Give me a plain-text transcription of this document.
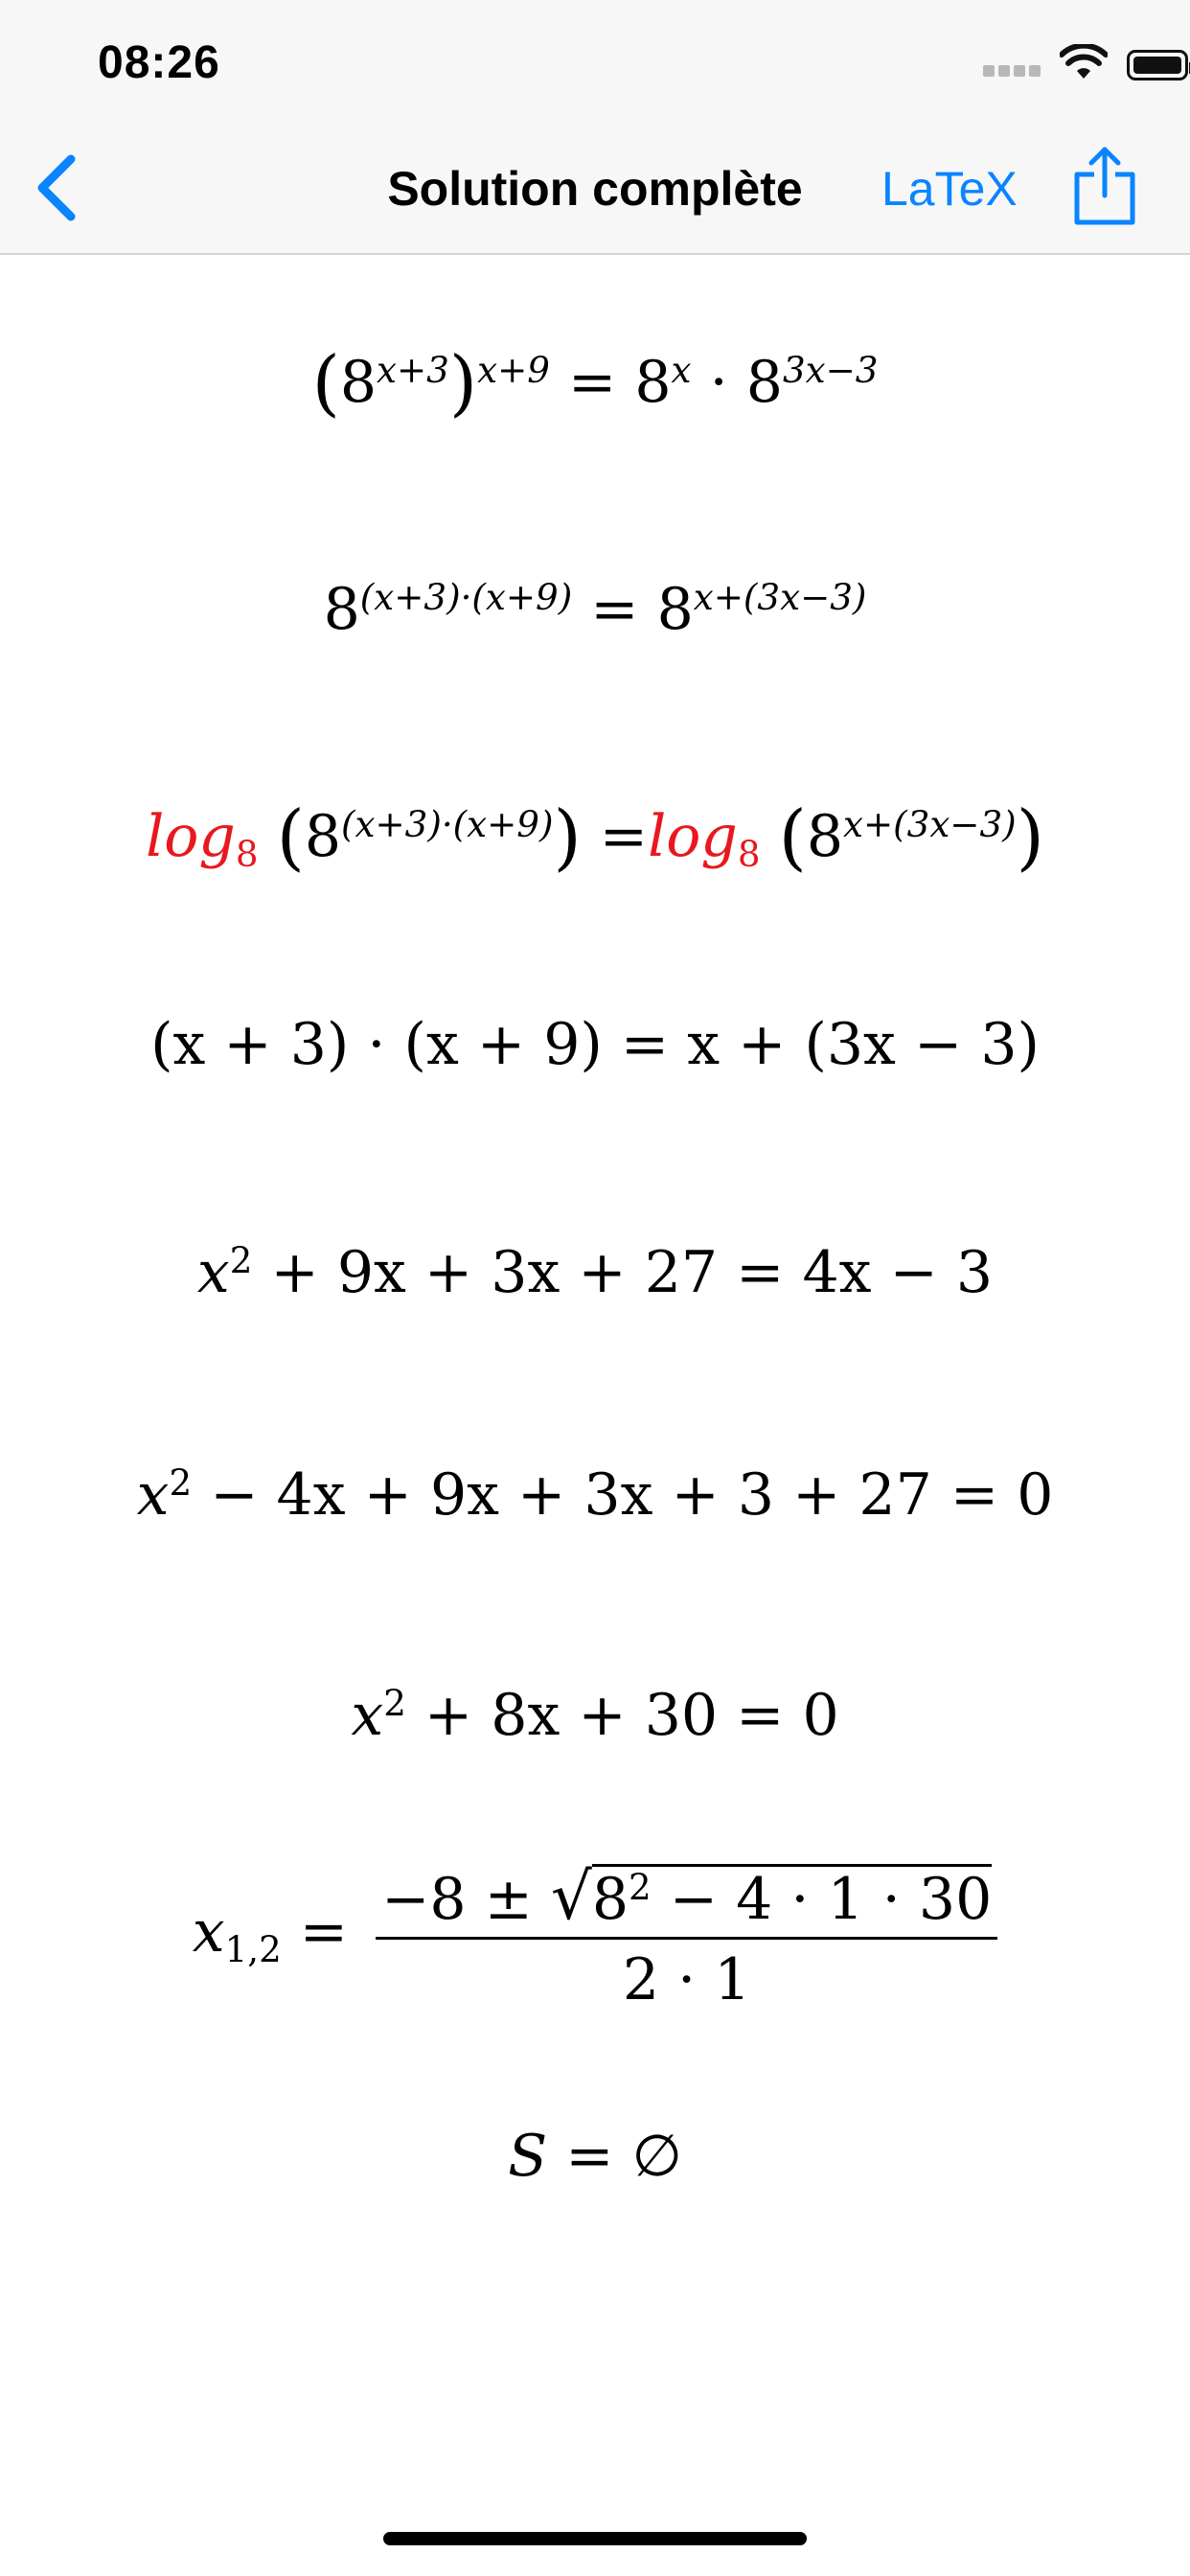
08:26
Solution complète	LaTeX
$(8^{x+3})^{x+9} = 8^x \cdot 8^{3x-3}$
$8^{(x+3)\cdot(x+9)} = 8^{x+(3x-3)}$
$\log_8 (8^{(x+3)\cdot(x+9)}) =\log_8$ $(8^{x+(3x-3)})$
(x + 3) · (x + 9) = x + (3x − 3)
$x^2 + 9x + 3x + 27 = 4x - 3$
$x^2 - 4x + 9x + 3x + 3 + 27 = 0$
$x^2 + 8x + 30 = 0$
$x_{1,2} = \frac{-8 \pm √8^2 - 4 \cdot 1 \cdot 30}{2 \cdot 1}$
S = ∅
